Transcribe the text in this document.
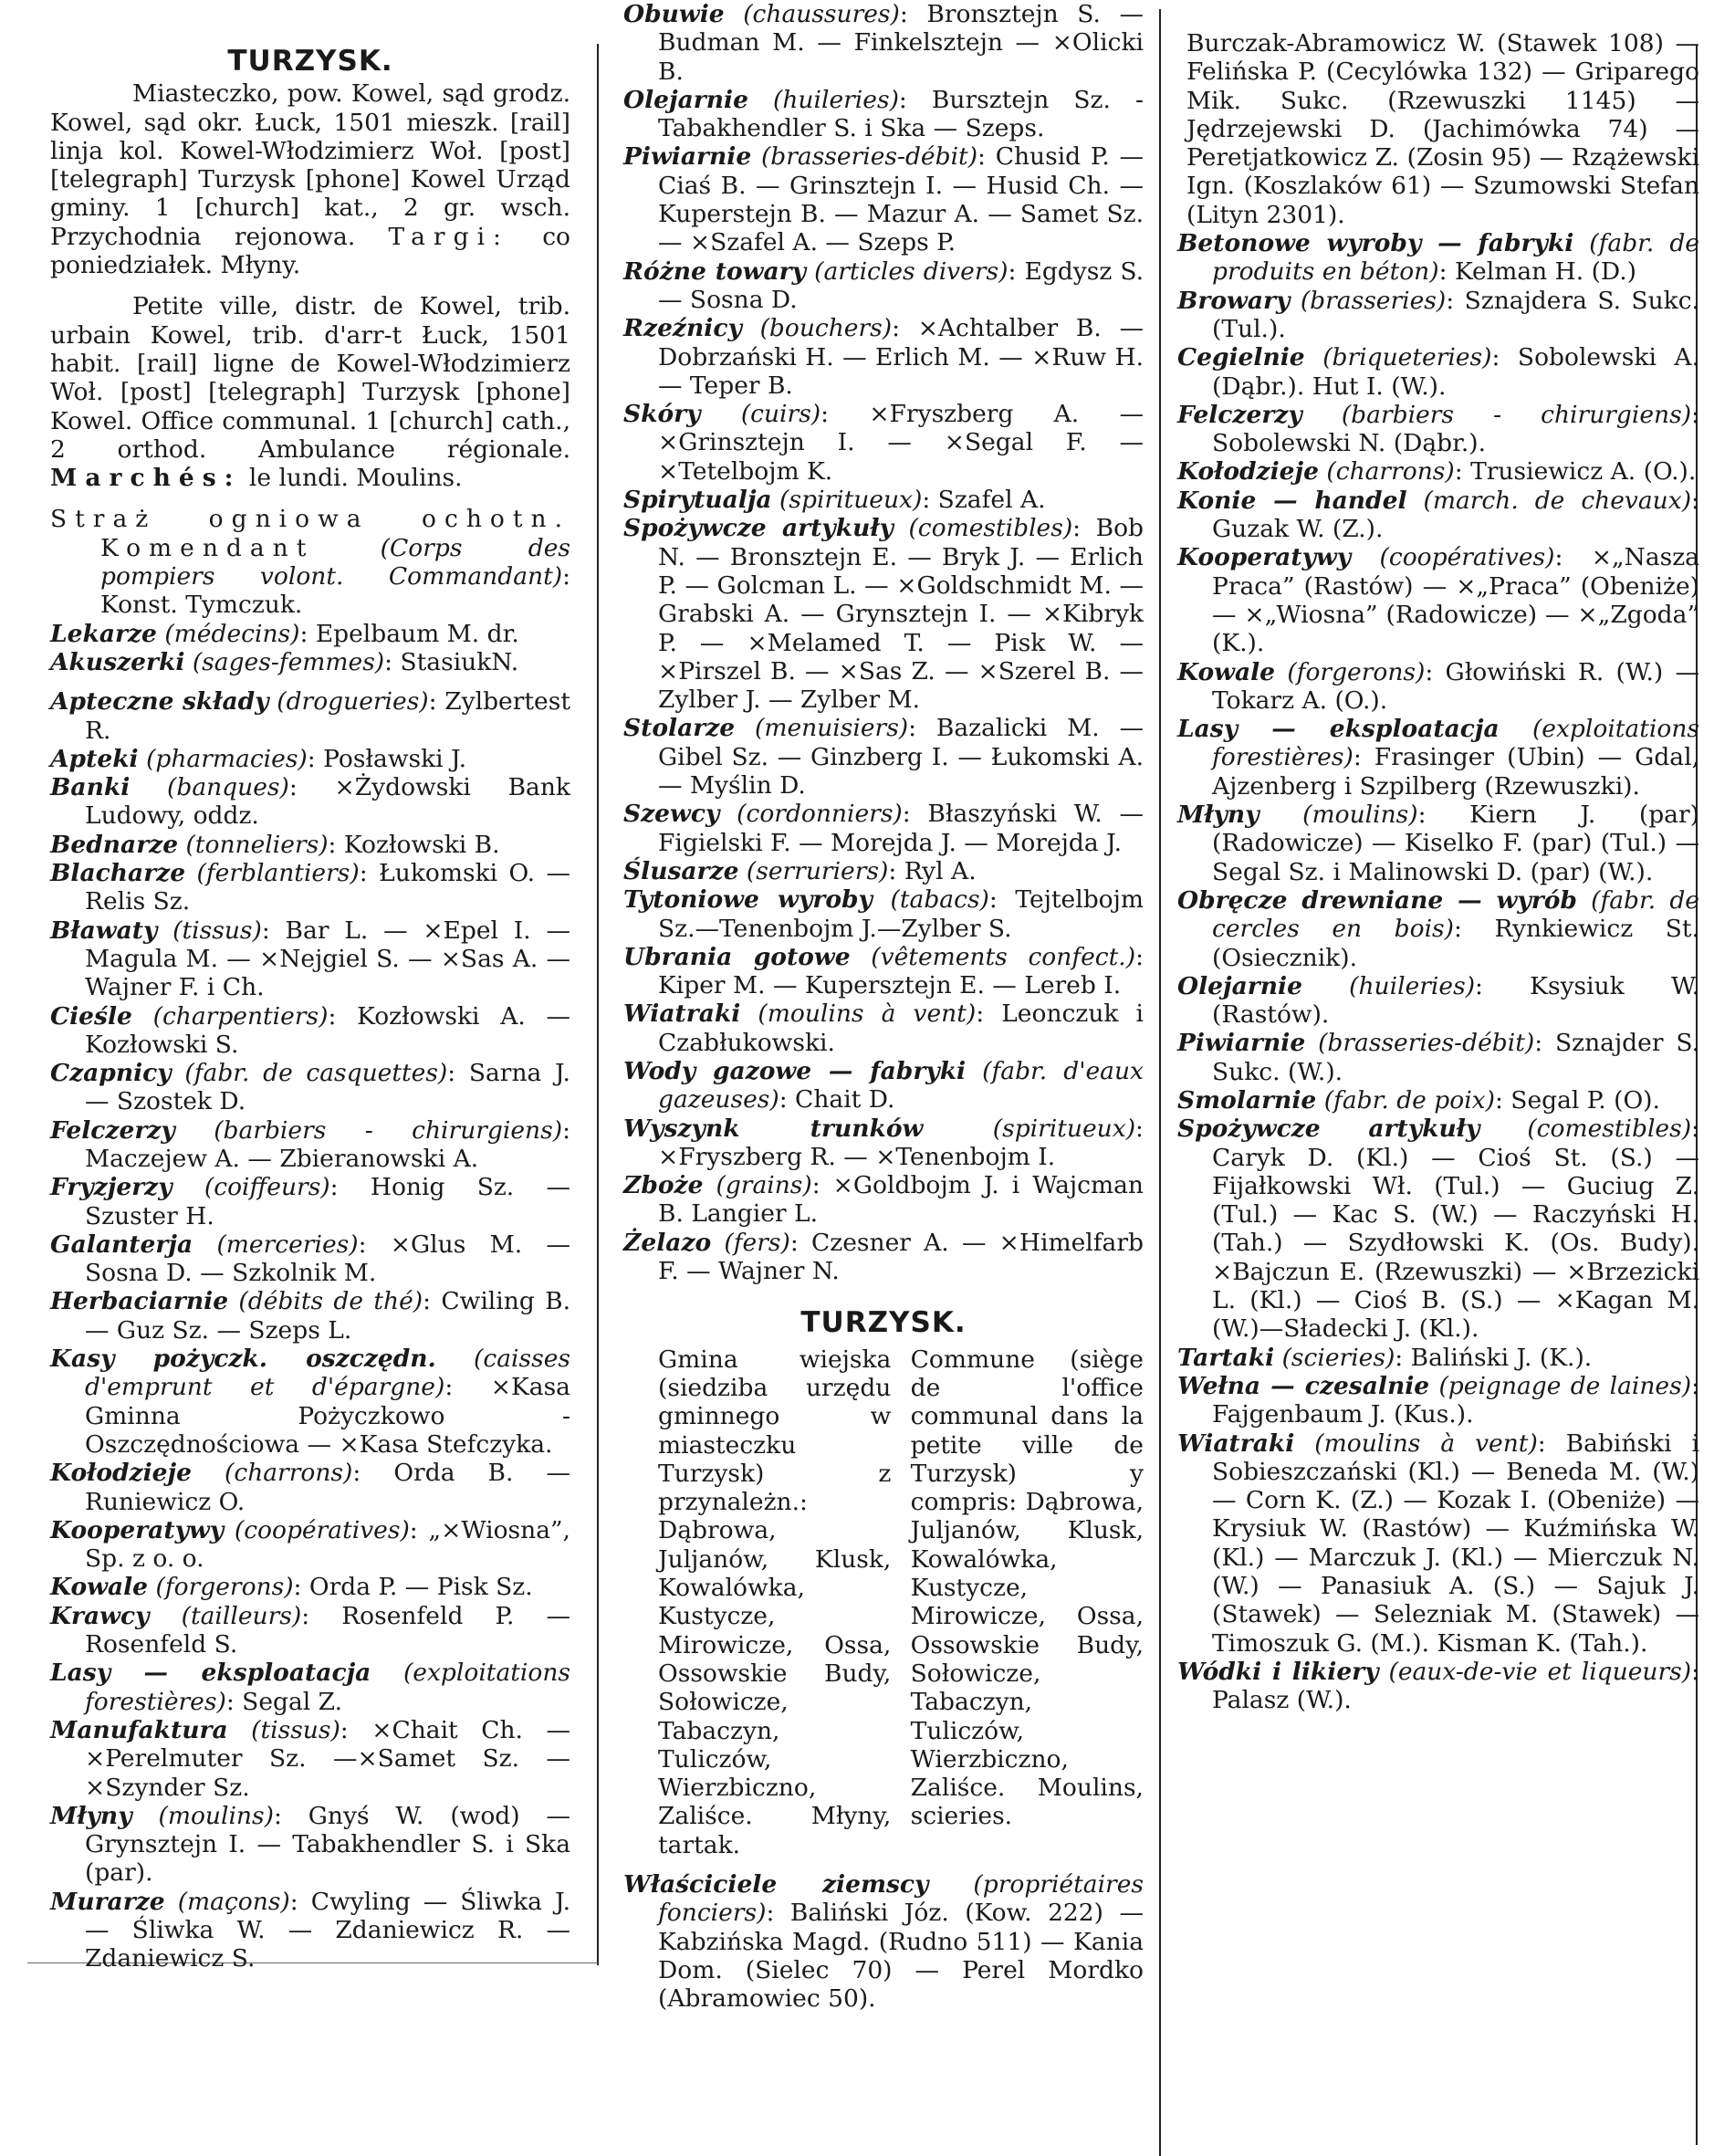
TURZYSK.

Miasteczko, pow. Kowel, sąd grodz. Kowel, sąd okr. Łuck, 1501 mieszk. [rail] linja kol. Kowel-Włodzimierz Woł. [post] [telegraph] Turzysk [phone] Kowel Urząd gminy. 1 [church] kat., 2 gr. wsch. Przychodnia rejonowa. Targi: co poniedziałek. Młyny.

Petite ville, distr. de Kowel, trib. urbain Kowel, trib. d'arr-t Łuck, 1501 habit. [rail] ligne de Kowel-Włodzimierz Woł. [post] [telegraph] Turzysk [phone] Kowel. Office communal. 1 [church] cath., 2 orthod. Ambulance régionale. Marchés: le lundi. Moulins.

Straż ogniowa ochotn. Komendant	(Corps des pompiers volont. Commandant): Konst. Tymczuk.

Lekarze (médecins): Epelbaum M. dr.

Akuszerki (sages-femmes): StasiukN.

Apteczne składy (drogueries): Zylbertest R.

Apteki (pharmacies): Posławski J.

Banki (banques): ×Żydowski Bank Ludowy, oddz.

Bednarze (tonneliers): Kozłowski B.

Blacharze (ferblantiers): Łukomski O. — Relis Sz.

Bławaty (tissus): Bar L. — ×Epel I. — Magula M. — ×Nejgiel S. — ×Sas A. — Wajner F. i Ch.

Cieśle (charpentiers): Kozłowski A. — Kozłowski S.

Czapnicy (fabr. de casquettes): Sarna J. — Szostek D.

Felczerzy (barbiers - chirurgiens): Maczejew A. — Zbieranowski A.

Fryzjerzy (coiffeurs): Honig Sz. — Szuster H.

Galanterja (merceries): ×Glus M. — Sosna D. — Szkolnik M.

Herbaciarnie (débits de thé): Cwiling B. — Guz Sz. — Szeps L.

Kasy pożyczk. oszczędn. (caisses d'emprunt et d'épargne): ×Kasa Gminna Pożyczkowo - Oszczędnościowa — ×Kasa Stefczyka.

Kołodzieje (charrons): Orda B. — Runiewicz O.

Kooperatywy (coopératives): „×Wiosna”, Sp. z o. o.

Kowale (forgerons): Orda P. — Pisk Sz.

Krawcy (tailleurs): Rosenfeld P. — Rosenfeld S.

Lasy — eksploatacja (exploitations forestières): Segal Z.

Manufaktura (tissus): ×Chait Ch. — ×Perelmuter Sz. —×Samet Sz. — ×Szynder Sz.

Młyny (moulins): Gnyś W. (wod) — Grynsztejn I. — Tabakhendler S. i Ska (par).

Murarze (maçons): Cwyling — Śliwka J. — Śliwka W. — Zdaniewicz R. — Zdaniewicz S.

Obuwie (chaussures): Bronsztejn S. — Budman M. — Finkelsztejn — ×Olicki B.

Olejarnie (huileries): Bursztejn Sz. - Tabakhendler S. i Ska — Szeps.

Piwiarnie (brasseries-débit): Chusid P. — Ciaś B. — Grinsztejn I. — Husid Ch. — Kuperstejn B. — Mazur A. — Samet Sz. — ×Szafel A. — Szeps P.

Różne towary (articles divers): Egdysz S. — Sosna D.

Rzeźnicy (bouchers): ×Achtalber B. — Dobrzański H. — Erlich M. — ×Ruw H. — Teper B.

Skóry (cuirs): ×Fryszberg A. — ×Grinsztejn I. — ×Segal F. — ×Tetelbojm K.

Spirytualja (spiritueux): Szafel A.

Spożywcze artykuły (comestibles): Bob N. — Bronsztejn E. — Bryk J. — Erlich P. — Golcman L. — ×Goldschmidt M. — Grabski A. — Grynsztejn I. — ×Kibryk P. — ×Melamed T. — Pisk W. — ×Pirszel B. — ×Sas Z. — ×Szerel B. — Zylber J. — Zylber M.

Stolarze (menuisiers): Bazalicki M. — Gibel Sz. — Ginzberg I. — Łukomski A. — Myślin D.

Szewcy (cordonniers): Błaszyński W. — Figielski F. — Morejda J. — Morejda J.

Ślusarze (serruriers): Ryl A.

Tytoniowe wyroby (tabacs): Tejtelbojm Sz.—Tenenbojm J.—Zylber S.

Ubrania gotowe (vêtements confect.): Kiper M. — Kupersztejn E. — Lereb I.

Wiatraki (moulins à vent): Leonczuk i Czabłukowski.

Wody gazowe — fabryki (fabr. d'eaux gazeuses): Chait D.

Wyszynk trunków	(spiritueux): ×Fryszberg R. — ×Tenenbojm I.

Zboże (grains): ×Goldbojm J. i Wajcman B. Langier L.

Żelazo (fers): Czesner A. — ×Himelfarb F. — Wajner N.

TURZYSK.
Gmina wiejska (siedziba urzędu gminnego w miasteczku Turzysk) z przynależn.: Dąbrowa, Juljanów, Klusk, Kowalówka, Kustycze, Mirowicze, Ossa, Ossowskie Budy, Sołowicze, Tabaczyn, Tuliczów, Wierzbiczno, Zaliśce. Młyny, tartak.
Commune (siège de l'office communal dans la petite ville de Turzysk) y compris: Dąbrowa, Juljanów, Klusk, Kowalówka, Kustycze, Mirowicze, Ossa, Ossowskie Budy, Sołowicze, Tabaczyn, Tuliczów, Wierzbiczno, Zaliśce. Moulins, scieries.

Właściciele ziemscy (propriétaires fonciers): Baliński Józ. (Kow. 222) — Kabzińska Magd. (Rudno 511) — Kania Dom. (Sielec 70) — Perel Mordko (Abramowiec 50).

Burczak-Abramowicz W. (Stawek 108) — Felińska P. (Cecylówka 132) — Griparego Mik. Sukc. (Rzewuszki 1145) — Jędrzejewski D. (Jachimówka 74) — Peretjatkowicz Z. (Zosin 95) — Rzążewski Ign. (Koszlaków 61) — Szumowski Stefan (Lityn 2301).

Betonowe wyroby — fabryki (fabr. de produits en béton): Kelman H. (D.)

Browary (brasseries): Sznajdera S. Sukc. (Tul.).

Cegielnie (briqueteries): Sobolewski A. (Dąbr.). Hut I. (W.).

Felczerzy (barbiers - chirurgiens): Sobolewski N. (Dąbr.).

Kołodzieje (charrons): Trusiewicz A. (O.).

Konie — handel (march. de chevaux): Guzak W. (Z.).

Kooperatywy (coopératives): ×„Nasza Praca” (Rastów) — ×„Praca” (Obeniże) — ×„Wiosna” (Radowicze) — ×„Zgoda” (K.).

Kowale (forgerons): Głowiński R. (W.) — Tokarz A. (O.).

Lasy — eksploatacja (exploitations forestières): Frasinger (Ubin) — Gdal, Ajzenberg i Szpilberg (Rzewuszki).

Młyny (moulins): Kiern J. (par) (Radowicze) — Kiselko F. (par) (Tul.) — Segal Sz. i Malinowski D. (par) (W.).

Obręcze drewniane — wyrób (fabr. de cercles en bois): Rynkiewicz St. (Osiecznik).

Olejarnie (huileries): Ksysiuk W. (Rastów).

Piwiarnie (brasseries-débit): Sznajder S. Sukc. (W.).

Smolarnie (fabr. de poix): Segal P. (O).

Spożywcze artykuły (comestibles): Caryk D. (Kl.) — Cioś St. (S.) — Fijałkowski Wł. (Tul.) — Guciug Z. (Tul.) — Kac S. (W.) — Raczyński H. (Tah.) — Szydłowski K. (Os. Budy). ×Bajczun E. (Rzewuszki) — ×Brzezicki L. (Kl.) — Cioś B. (S.) — ×Kagan M. (W.)—Sładecki J. (Kl.).

Tartaki (scieries): Baliński J. (K.).

Wełna — czesalnie (peignage de laines): Fajgenbaum J. (Kus.).

Wiatraki (moulins à vent): Babiński i Sobieszczański (Kl.) — Beneda M. (W.) — Corn K. (Z.) — Kozak I. (Obeniże) — Krysiuk W. (Rastów) — Kuźmińska W. (Kl.) — Marczuk J. (Kl.) — Mierczuk N. (W.) — Panasiuk A. (S.) — Sajuk J. (Stawek) — Selezniak M. (Stawek) — Timoszuk G. (M.). Kisman K. (Tah.).

Wódki i likiery (eaux-de-vie et liqueurs): Palasz (W.).
